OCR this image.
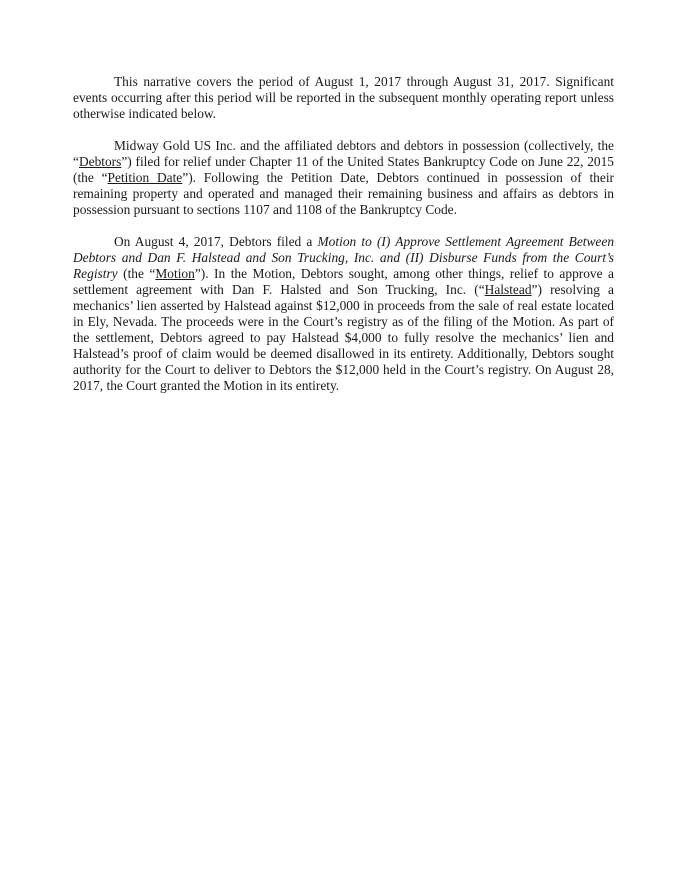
This narrative covers the period of August 1, 2017 through August 31, 2017. Significant events occurring after this period will be reported in the subsequent monthly operating report unless otherwise indicated below.

Midway Gold US Inc. and the affiliated debtors and debtors in possession (collectively, the “Debtors”) filed for relief under Chapter 11 of the United States Bankruptcy Code on June 22, 2015 (the “Petition Date”). Following the Petition Date, Debtors continued in possession of their remaining property and operated and managed their remaining business and affairs as debtors in possession pursuant to sections 1107 and 1108 of the Bankruptcy Code.

On August 4, 2017, Debtors filed a Motion to (I) Approve Settlement Agreement Between Debtors and Dan F. Halstead and Son Trucking, Inc. and (II) Disburse Funds from the Court’s Registry (the “Motion”). In the Motion, Debtors sought, among other things, relief to approve a settlement agreement with Dan F. Halsted and Son Trucking, Inc. (“Halstead”) resolving a mechanics’ lien asserted by Halstead against $12,000 in proceeds from the sale of real estate located in Ely, Nevada. The proceeds were in the Court’s registry as of the filing of the Motion. As part of the settlement, Debtors agreed to pay Halstead $4,000 to fully resolve the mechanics’ lien and Halstead’s proof of claim would be deemed disallowed in its entirety. Additionally, Debtors sought authority for the Court to deliver to Debtors the $12,000 held in the Court’s registry. On August 28, 2017, the Court granted the Motion in its entirety.
